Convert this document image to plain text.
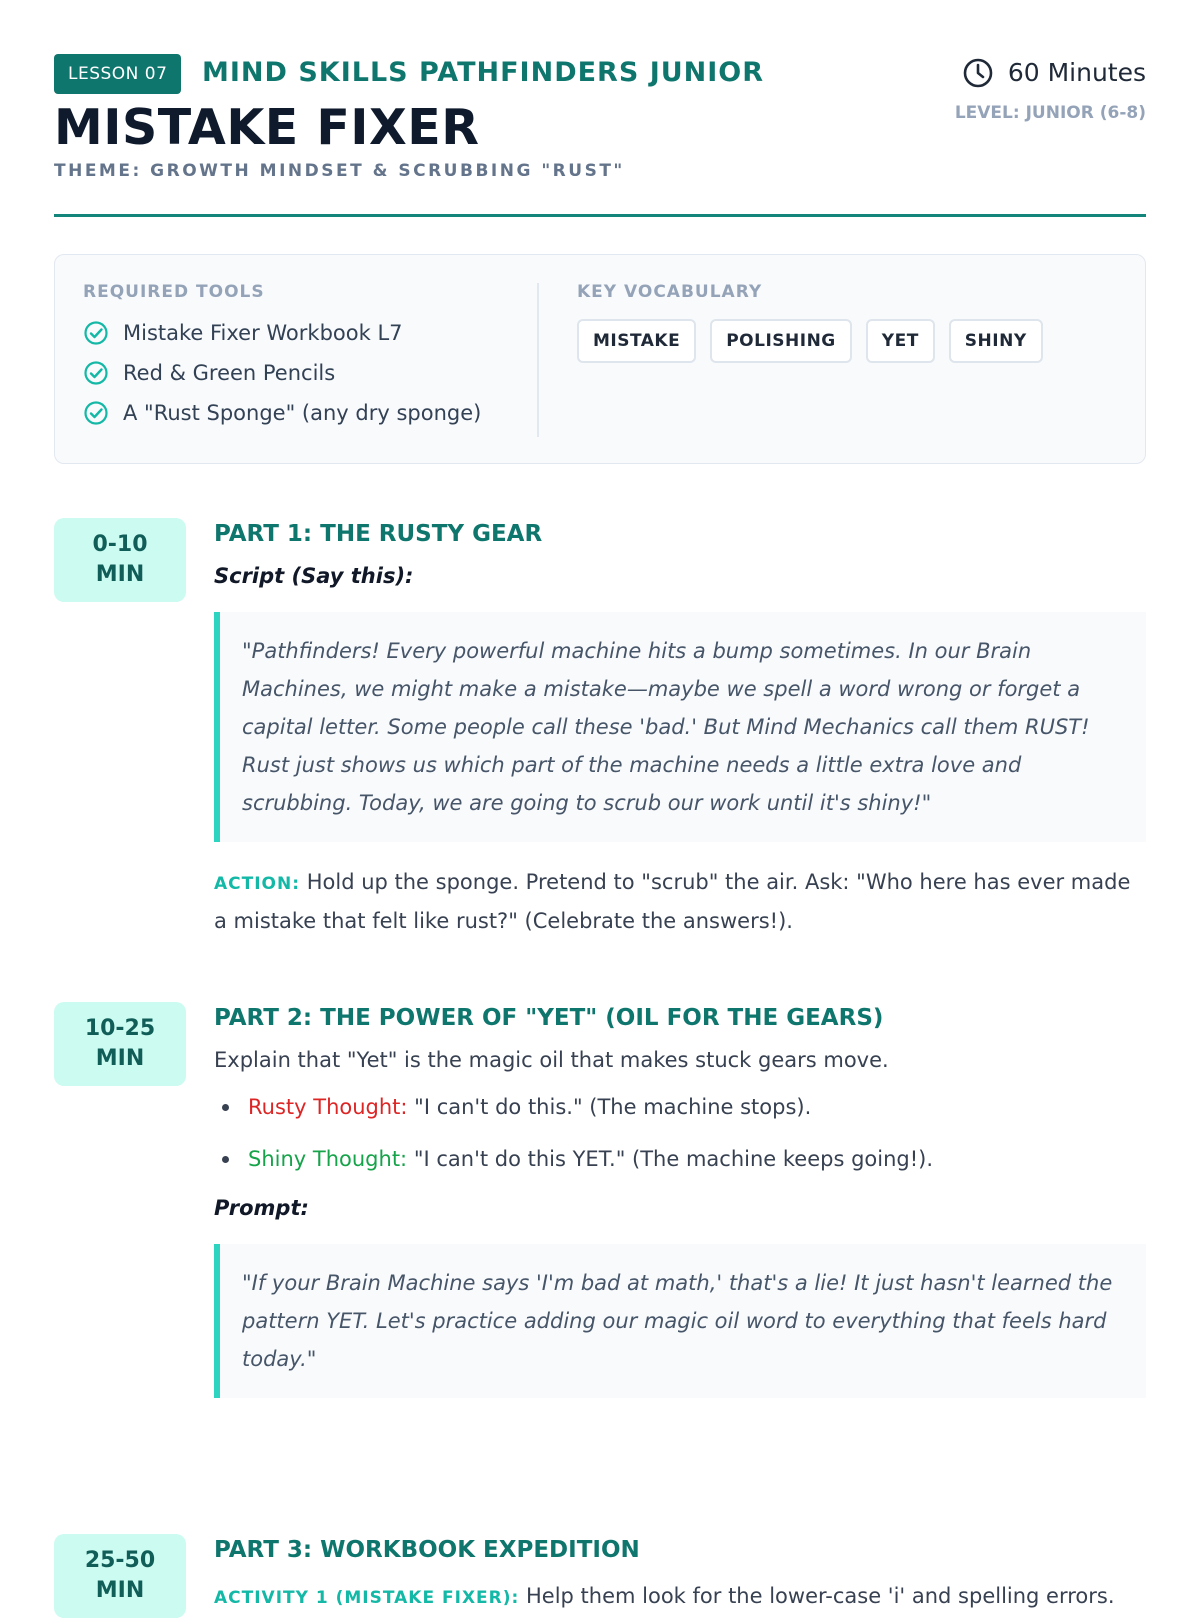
LESSON 07	MIND SKILLS PATHFINDERS JUNIOR
MISTAKE FIXER
THEME: GROWTH MINDSET & SCRUBBING "RUST"
60 Minutes
LEVEL: JUNIOR (6-8)
REQUIRED TOOLS
Mistake Fixer Workbook L7
Red & Green Pencils
A "Rust Sponge" (any dry sponge)
KEY VOCABULARY
MISTAKE	POLISHING	YET	SHINY
0-10
MIN
PART 1: THE RUSTY GEAR
Script (Say this):
"Pathfinders! Every powerful machine hits a bump sometimes. In our Brain Machines, we might make a mistake—maybe we spell a word wrong or forget a capital letter. Some people call these 'bad.' But Mind Mechanics call them RUST! Rust just shows us which part of the machine needs a little extra love and scrubbing. Today, we are going to scrub our work until it's shiny!"
ACTION: Hold up the sponge. Pretend to "scrub" the air. Ask: "Who here has ever made a mistake that felt like rust?" (Celebrate the answers!).
10-25
MIN
PART 2: THE POWER OF "YET" (OIL FOR THE GEARS)
Explain that "Yet" is the magic oil that makes stuck gears move.
Rusty Thought: "I can't do this." (The machine stops).
Shiny Thought: "I can't do this YET." (The machine keeps going!).
Prompt:
"If your Brain Machine says 'I'm bad at math,' that's a lie! It just hasn't learned the pattern YET. Let's practice adding our magic oil word to everything that feels hard today."
25-50
MIN
PART 3: WORKBOOK EXPEDITION
ACTIVITY 1 (MISTAKE FIXER): Help them look for the lower-case 'i' and spelling errors.
